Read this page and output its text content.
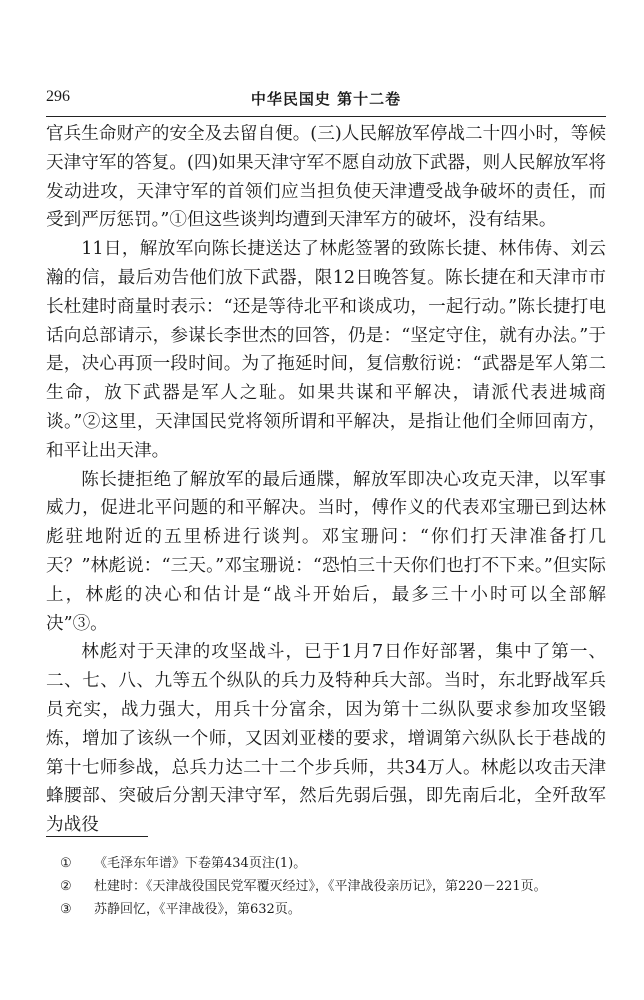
296	中华民国史 第十二卷

官兵生命财产的安全及去留自便。(三)人民解放军停战二十四小时，等候天津守军的答复。(四)如果天津守军不愿自动放下武器，则人民解放军将发动进攻，天津守军的首领们应当担负使天津遭受战争破坏的责任，而受到严厉惩罚。”①但这些谈判均遭到天津军方的破坏，没有结果。

11日，解放军向陈长捷送达了林彪签署的致陈长捷、林伟俦、刘云瀚的信，最后劝告他们放下武器，限12日晚答复。陈长捷在和天津市市长杜建时商量时表示：“还是等待北平和谈成功，一起行动。”陈长捷打电话向总部请示，参谋长李世杰的回答，仍是：“坚定守住，就有办法。”于是，决心再顶一段时间。为了拖延时间，复信敷衍说：“武器是军人第二生命，放下武器是军人之耻。如果共谋和平解决，请派代表进城商谈。”②这里，天津国民党将领所谓和平解决，是指让他们全师回南方，和平让出天津。

陈长捷拒绝了解放军的最后通牒，解放军即决心攻克天津，以军事威力，促进北平问题的和平解决。当时，傅作义的代表邓宝珊已到达林彪驻地附近的五里桥进行谈判。邓宝珊问：“你们打天津准备打几天？”林彪说：“三天。”邓宝珊说：“恐怕三十天你们也打不下来。”但实际上，林彪的决心和估计是“战斗开始后，最多三十小时可以全部解决”③。

林彪对于天津的攻坚战斗，已于1月7日作好部署，集中了第一、二、七、八、九等五个纵队的兵力及特种兵大部。当时，东北野战军兵员充实，战力强大，用兵十分富余，因为第十二纵队要求参加攻坚锻炼，增加了该纵一个师，又因刘亚楼的要求，增调第六纵队长于巷战的第十七师参战，总兵力达二十二个步兵师，共34万人。林彪以攻击天津蜂腰部、突破后分割天津守军，然后先弱后强，即先南后北，全歼敌军为战役

① 《毛泽东年谱》下卷第434页注(1)。
② 杜建时：《天津战役国民党军覆灭经过》，《平津战役亲历记》，第220－221页。
③ 苏静回忆，《平津战役》，第632页。
